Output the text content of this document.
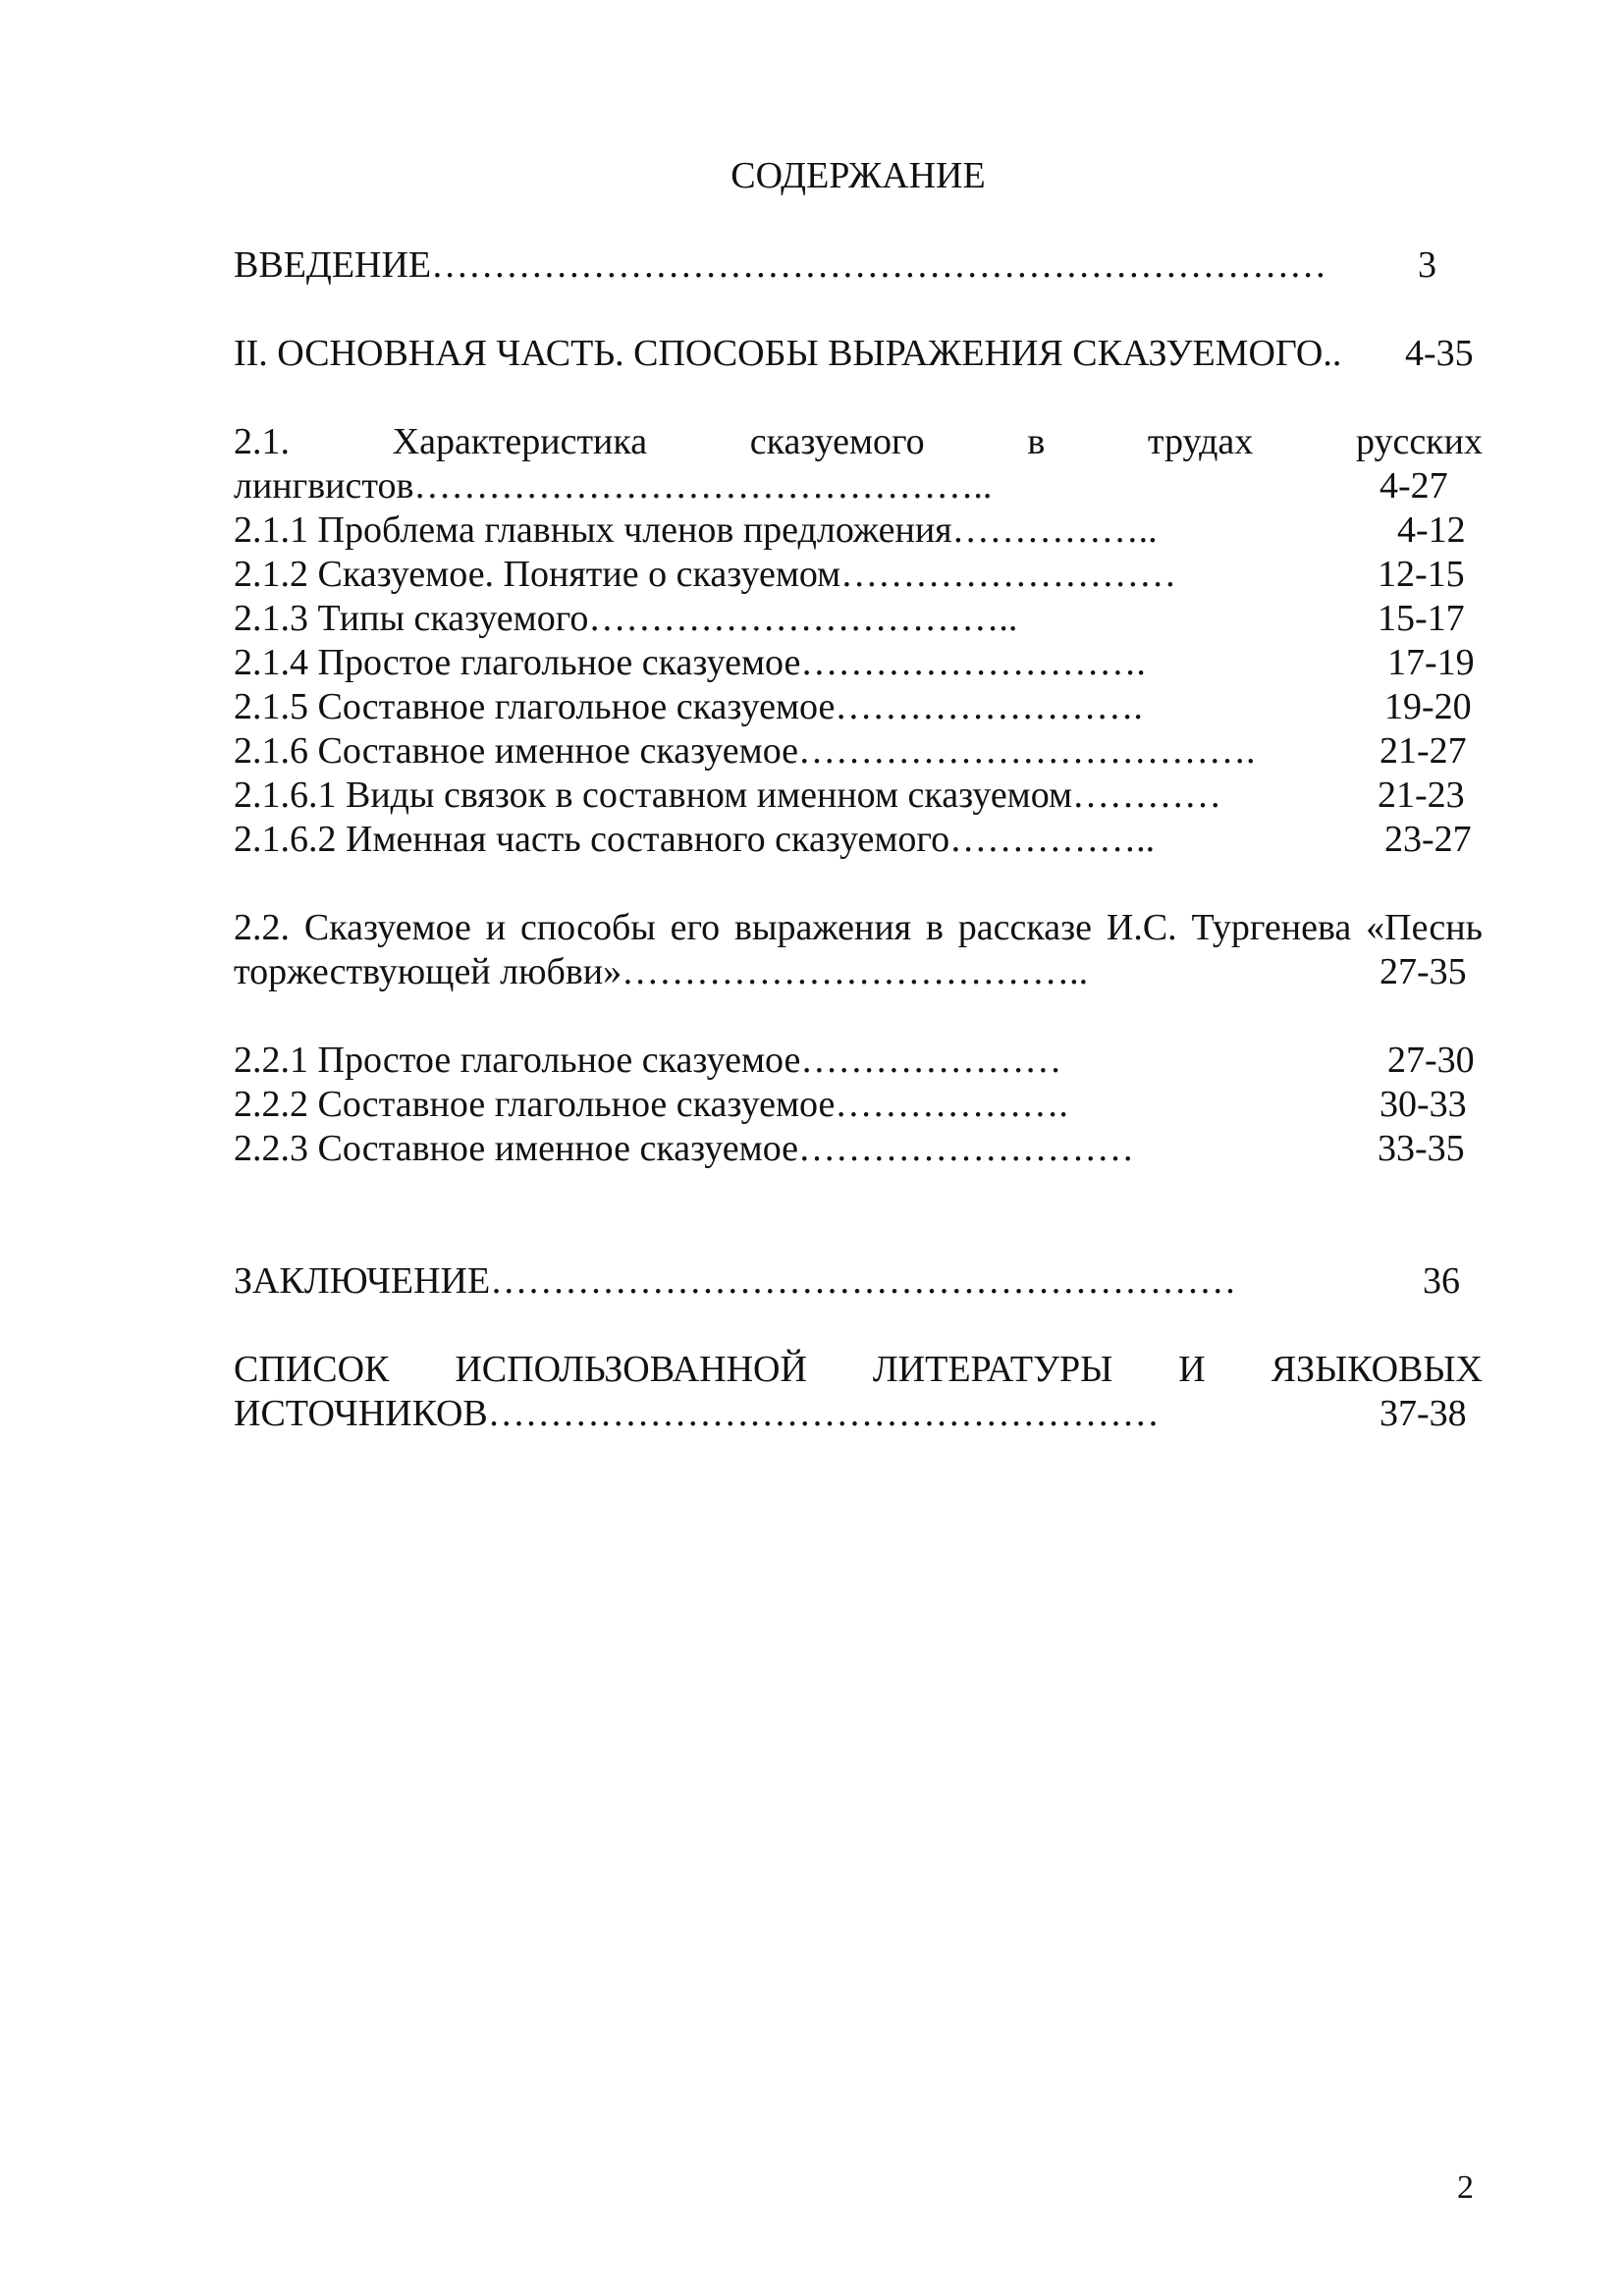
СОДЕРЖАНИЕ
ВВЕДЕНИЕ……………………………………………………………… 3
II. ОСНОВНАЯ ЧАСТЬ. СПОСОБЫ ВЫРАЖЕНИЯ СКАЗУЕМОГО.. 4-35
2.1.	Характеристика	сказуемого	в	трудах	русских
лингвистов………………………………………..	4-27
2.1.1 Проблема главных членов предложения……………..	4-12
2.1.2 Сказуемое. Понятие о сказуемом………………………	12-15
2.1.3 Типы сказуемого……………………………..	15-17
2.1.4 Простое глагольное сказуемое……………………….	17-19
2.1.5 Составное глагольное сказуемое…………………….	19-20
2.1.6 Составное именное сказуемое……………………………….	21-27
2.1.6.1 Виды связок в составном именном сказуемом…………	21-23
2.1.6.2 Именная часть составного сказуемого……………..	23-27
2.2. Сказуемое и способы его выражения в рассказе И.С. Тургенева «Песнь
торжествующей любви»………………………………..	27-35
2.2.1 Простое глагольное сказуемое…………………	27-30
2.2.2 Составное глагольное сказуемое……………….	30-33
2.2.3 Составное именное сказуемое………………………	33-35
ЗАКЛЮЧЕНИЕ……………………………………………………	36
СПИСОК ИСПОЛЬЗОВАННОЙ ЛИТЕРАТУРЫ И ЯЗЫКОВЫХ
ИСТОЧНИКОВ………………………………………………	37-38
2
